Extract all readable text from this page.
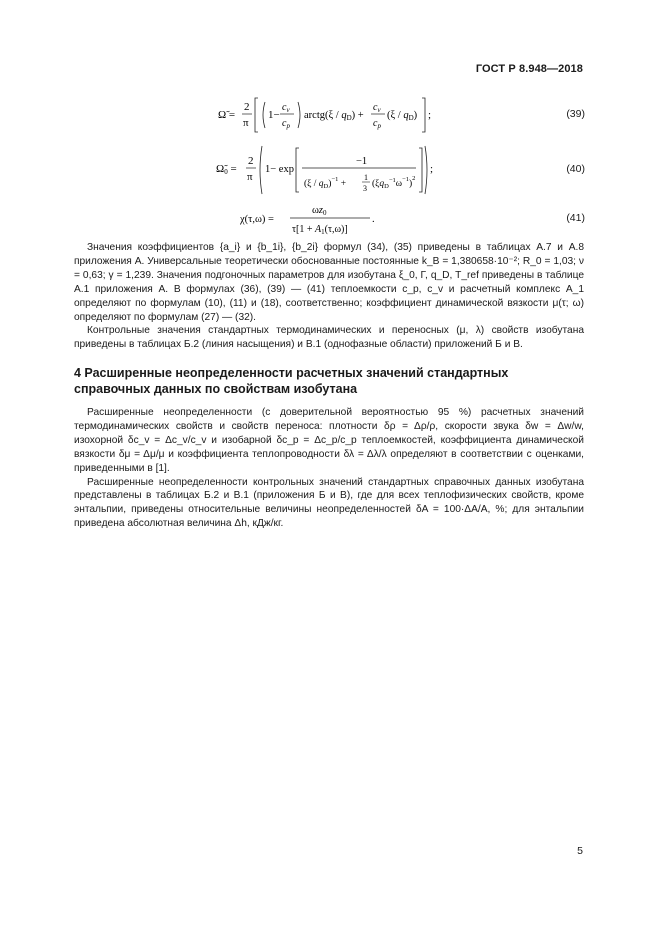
ГОСТ Р 8.948—2018
Ω̃ =
2
π
1−
$c_v$
$c_p$
arctg(ξ / qD) +
$c_v$
$c_p$
(ξ / qD) ;	(39)
Ω̃0 =
2
π
1− exp
−1
$(\xi / q_D)^{-1}$ +
1
3 $(\xi q_D^{-1}\omega^{-1})^2$
;	(40)
χ(τ,ω) =
ωz0
$\tau[1 + A_1(\tau,\omega)]$
.	(41)

Значения коэффициентов {a_i} и {b_1i}, {b_2i} формул (34), (35) приведены в таблицах А.7 и А.8 приложения А. Универсальные теоретически обоснованные постоянные k_B = 1,380658·10⁻²; R_0 = 1,03; ν = 0,63; γ = 1,239. Значения подгоночных параметров для изобутана ξ_0, Γ, q_D, T_ref приведены в таблице А.1 приложения А. В формулах (36), (39) — (41) теплоемкости c_p, c_v и расчетный комплекс A_1 определяют по формулам (10), (11) и (18), соответственно; коэффициент динамической вязкости μ(τ; ω) определяют по формулам (27) — (32).

Контрольные значения стандартных термодинамических и переносных (μ, λ) свойств изобутана приведены в таблицах Б.2 (линия насыщения) и В.1 (однофазные области) приложений Б и В.

4 Расширенные неопределенности расчетных значений стандартных справочных данных по свойствам изобутана

Расширенные неопределенности (с доверительной вероятностью 95 %) расчетных значений термодинамических свойств и свойств переноса: плотности δρ = Δρ/ρ, скорости звука δw = Δw/w, изохорной δc_v = Δc_v/c_v и изобарной δc_p = Δc_p/c_p теплоемкостей, коэффициента динамической вязкости δμ = Δμ/μ и коэффициента теплопроводности δλ = Δλ/λ определяют в соответствии с оценками, приведенными в [1].

Расширенные неопределенности контрольных значений стандартных справочных данных изобутана представлены в таблицах Б.2 и В.1 (приложения Б и В), где для всех теплофизических свойств, кроме энтальпии, приведены относительные величины неопределенностей δA = 100·ΔA/A, %; для энтальпии приведена абсолютная величина Δh, кДж/кг.

5
